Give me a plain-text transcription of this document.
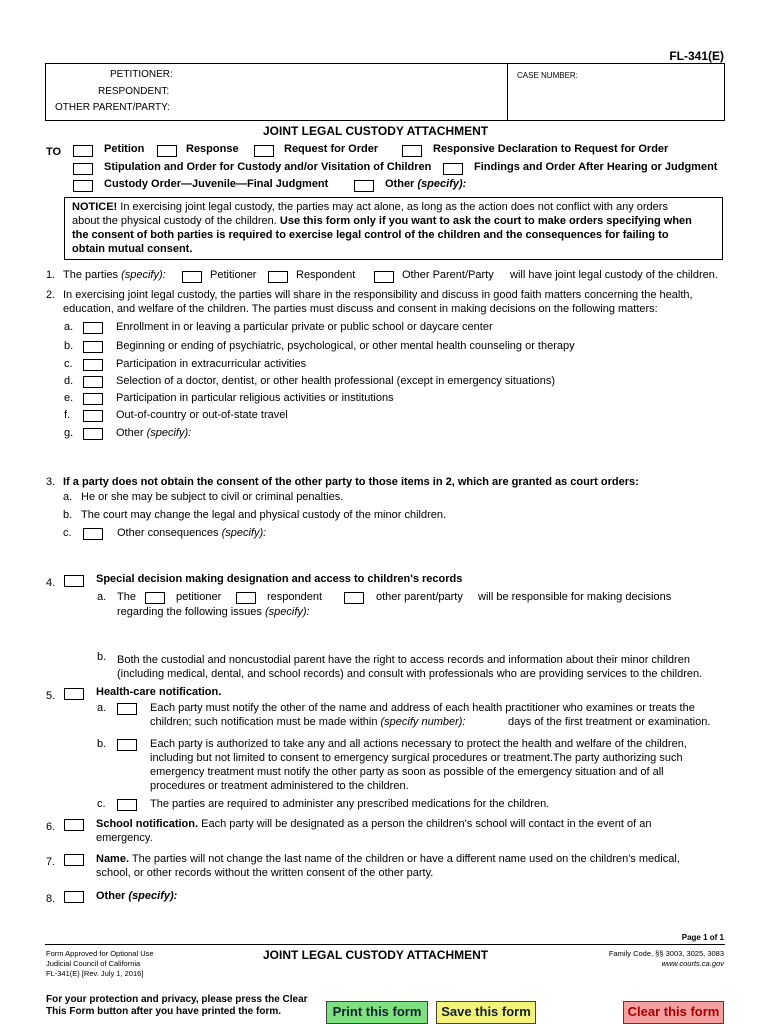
FL-341(E)
PETITIONER:
RESPONDENT:
OTHER PARENT/PARTY:
CASE NUMBER:
JOINT LEGAL CUSTODY ATTACHMENT
TO	Petition	Response	Request for Order	Responsive Declaration to Request for Order
Stipulation and Order for Custody and/or Visitation of Children	Findings and Order After Hearing or Judgment
Custody Order—Juvenile—Final Judgment	Other (specify):
NOTICE! In exercising joint legal custody, the parties may act alone, as long as the action does not conflict with any orders
about the physical custody of the children. Use this form only if you want to ask the court to make orders specifying when
the consent of both parties is required to exercise legal control of the children and the consequences for failing to
obtain mutual consent.
1. The parties (specify):	Petitioner	Respondent	Other Parent/Party will have joint legal custody of the children.
2. In exercising joint legal custody, the parties will share in the responsibility and discuss in good faith matters concerning the health,
education, and welfare of the children. The parties must discuss and consent in making decisions on the following matters:
a.	Enrollment in or leaving a particular private or public school or daycare center
b.	Beginning or ending of psychiatric, psychological, or other mental health counseling or therapy
c.	Participation in extracurricular activities
d.	Selection of a doctor, dentist, or other health professional (except in emergency situations)
e.	Participation in particular religious activities or institutions
f.	Out-of-country or out-of-state travel
g.	Other (specify):
3. If a party does not obtain the consent of the other party to those items in 2, which are granted as court orders:
a. He or she may be subject to civil or criminal penalties.
b. The court may change the legal and physical custody of the minor children.
c.	Other consequences (specify):
4.	Special decision making designation and access to children's records
a. The	petitioner	respondent	other parent/party will be responsible for making decisions
regarding the following issues (specify):
b. Both the custodial and noncustodial parent have the right to access records and information about their minor children
(including medical, dental, and school records) and consult with professionals who are providing services to the children.
5.	Health-care notification.
a.	Each party must notify the other of the name and address of each health practitioner who examines or treats the
children; such notification must be made within (specify number):	days of the first treatment or examination.
b.	Each party is authorized to take any and all actions necessary to protect the health and welfare of the children,
including but not limited to consent to emergency surgical procedures or treatment.The party authorizing such
emergency treatment must notify the other party as soon as possible of the emergency situation and of all
procedures or treatment administered to the children.
c.	The parties are required to administer any prescribed medications for the children.
6.	School notification. Each party will be designated as a person the children's school will contact in the event of an
emergency.
7.	Name. The parties will not change the last name of the children or have a different name used on the children's medical,
school, or other records without the written consent of the other party.
8.	Other (specify):
Page 1 of 1
Form Approved for Optional Use
Judicial Council of California
FL-341(E) [Rev. July 1, 2016]
JOINT LEGAL CUSTODY ATTACHMENT	Family Code, §§ 3003, 3025, 3083
www.courts.ca.gov
For your protection and privacy, please press the Clear
This Form button after you have printed the form.	Print this form	Save this form	Clear this form
